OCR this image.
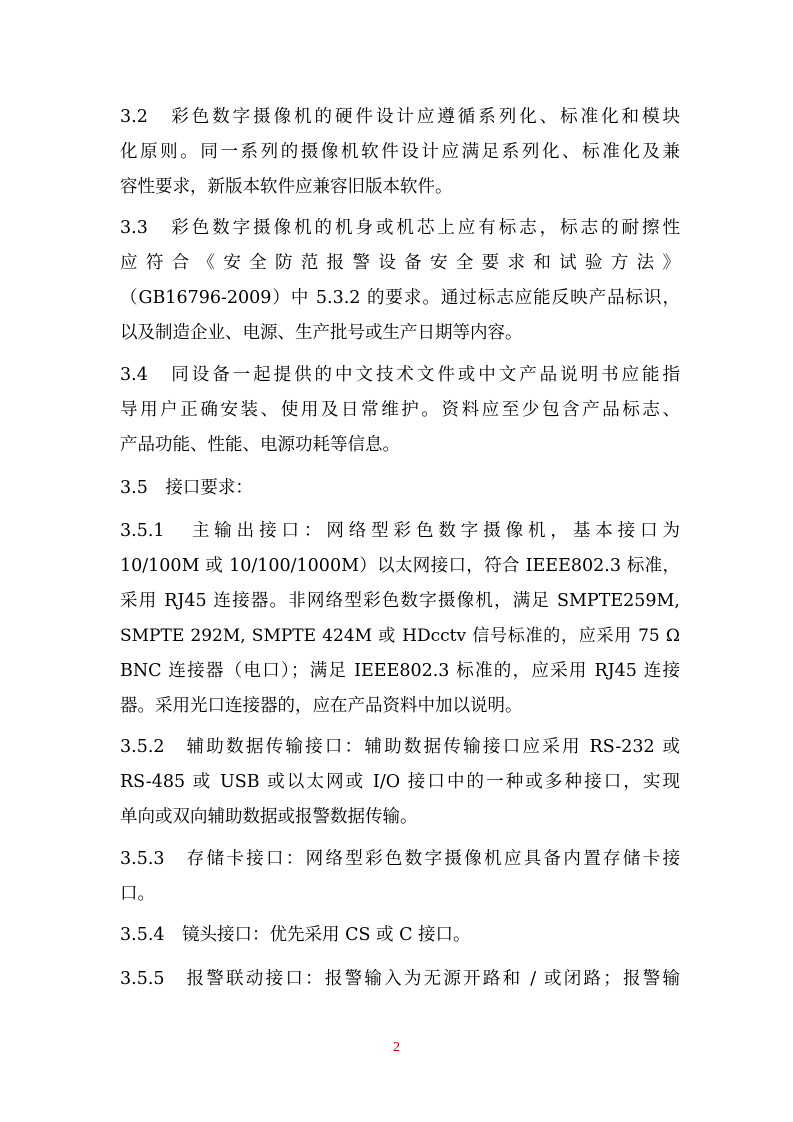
3.2　彩色数字摄像机的硬件设计应遵循系列化、标准化和模块
化原则。同一系列的摄像机软件设计应满足系列化、标准化及兼
容性要求，新版本软件应兼容旧版本软件。
3.3　彩色数字摄像机的机身或机芯上应有标志，标志的耐擦性
应符合《安全防范报警设备安全要求和试验方法》
（GB16796-2009）中 5.3.2 的要求。通过标志应能反映产品标识，
以及制造企业、电源、生产批号或生产日期等内容。
3.4　同设备一起提供的中文技术文件或中文产品说明书应能指
导用户正确安装、使用及日常维护。资料应至少包含产品标志、
产品功能、性能、电源功耗等信息。
3.5　接口要求：
3.5.1　主输出接口：网络型彩色数字摄像机，基本接口为
10/100M 或 10/100/1000M）以太网接口，符合 IEEE802.3 标准，
采用 RJ45 连接器。非网络型彩色数字摄像机，满足 SMPTE259M,
SMPTE 292M, SMPTE 424M 或 HDcctv 信号标准的，应采用 75 Ω
BNC 连接器（电口）；满足 IEEE802.3 标准的，应采用 RJ45 连接
器。采用光口连接器的，应在产品资料中加以说明。
3.5.2　辅助数据传输接口：辅助数据传输接口应采用 RS-232 或
RS-485 或 USB 或以太网或 I/O 接口中的一种或多种接口，实现
单向或双向辅助数据或报警数据传输。
3.5.3　存储卡接口：网络型彩色数字摄像机应具备内置存储卡接
口。
3.5.4　镜头接口：优先采用 CS 或 C 接口。
3.5.5　报警联动接口：报警输入为无源开路和 / 或闭路；报警输
2
